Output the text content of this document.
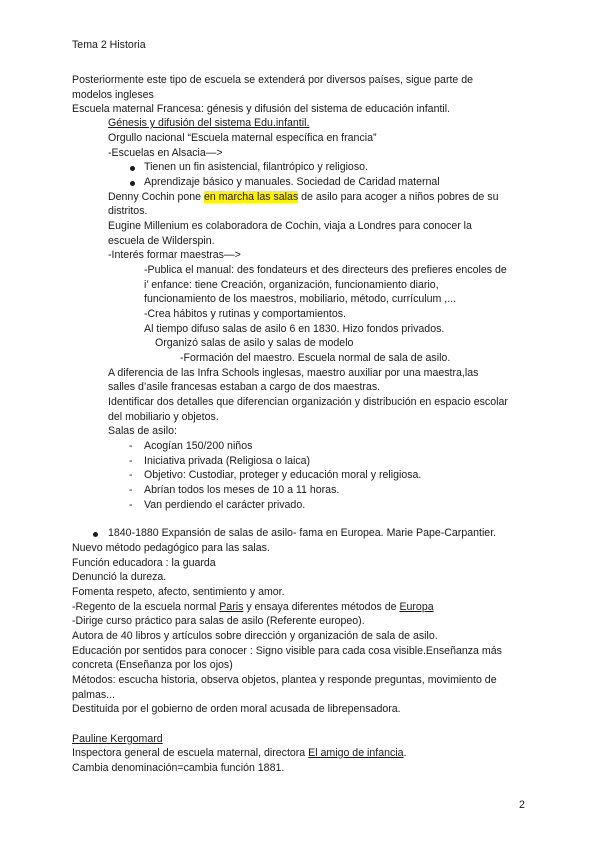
Tema 2 Historia
Posteriormente este tipo de escuela se extenderá por diversos países, sigue parte de
modelos ingleses
Escuela maternal Francesa: génesis y difusión del sistema de educación infantil.
Génesis y difusión del sistema Edu.infantil.
Orgullo nacional “Escuela maternal específica en francia”
-Escuelas en Alsacia—>
Tienen un fin asistencial, filantrópico y religioso.
Aprendizaje básico y manuales. Sociedad de Caridad maternal
Denny Cochin pone en marcha las salas de asilo para acoger a niños pobres de su
distritos.
Eugine Millenium es colaboradora de Cochin, viaja a Londres para conocer la
escuela de Wilderspin.
-Interés formar maestras—>
-Publica el manual: des fondateurs et des directeurs des prefieres encoles de
i’ enfance: tiene Creación, organización, funcionamiento diario,
funcionamiento de los maestros, mobiliario, método, currículum ,...
-Crea hábitos y rutinas y comportamientos.
Al tiempo difuso salas de asilo 6 en 1830. Hizo fondos privados.
Organizó salas de asilo y salas de modelo
-Formación del maestro. Escuela normal de sala de asilo.
A diferencia de las Infra Schools inglesas, maestro auxiliar por una maestra,las
salles d’asile francesas estaban a cargo de dos maestras.
Identificar dos detalles que diferencian organización y distribución en espacio escolar
del mobiliario y objetos.
Salas de asilo:
- Acogían 150/200 niños
- Iniciativa privada (Religiosa o laica)
- Objetivo: Custodiar, proteger y educación moral y religiosa.
- Abrían todos los meses de 10 a 11 horas.
- Van perdiendo el carácter privado.
1840-1880 Expansión de salas de asilo- fama en Europea. Marie Pape-Carpantier.
Nuevo método pedagógico para las salas.
Función educadora : la guarda
Denunció la dureza.
Fomenta respeto, afecto, sentimiento y amor.
-Regento de la escuela normal Paris y ensaya diferentes métodos de Europa
-Dirige curso práctico para salas de asilo (Referente europeo).
Autora de 40 libros y artículos sobre dirección y organización de sala de asilo.
Educación por sentidos para conocer : Signo visible para cada cosa visible.Enseñanza más
concreta (Enseñanza por los ojos)
Métodos: escucha historia, observa objetos, plantea y responde preguntas, movimiento de
palmas...
Destituida por el gobierno de orden moral acusada de librepensadora.
Pauline Kergomard
Inspectora general de escuela maternal, directora El amigo de infancia.
Cambia denominación=cambia función 1881.
2
